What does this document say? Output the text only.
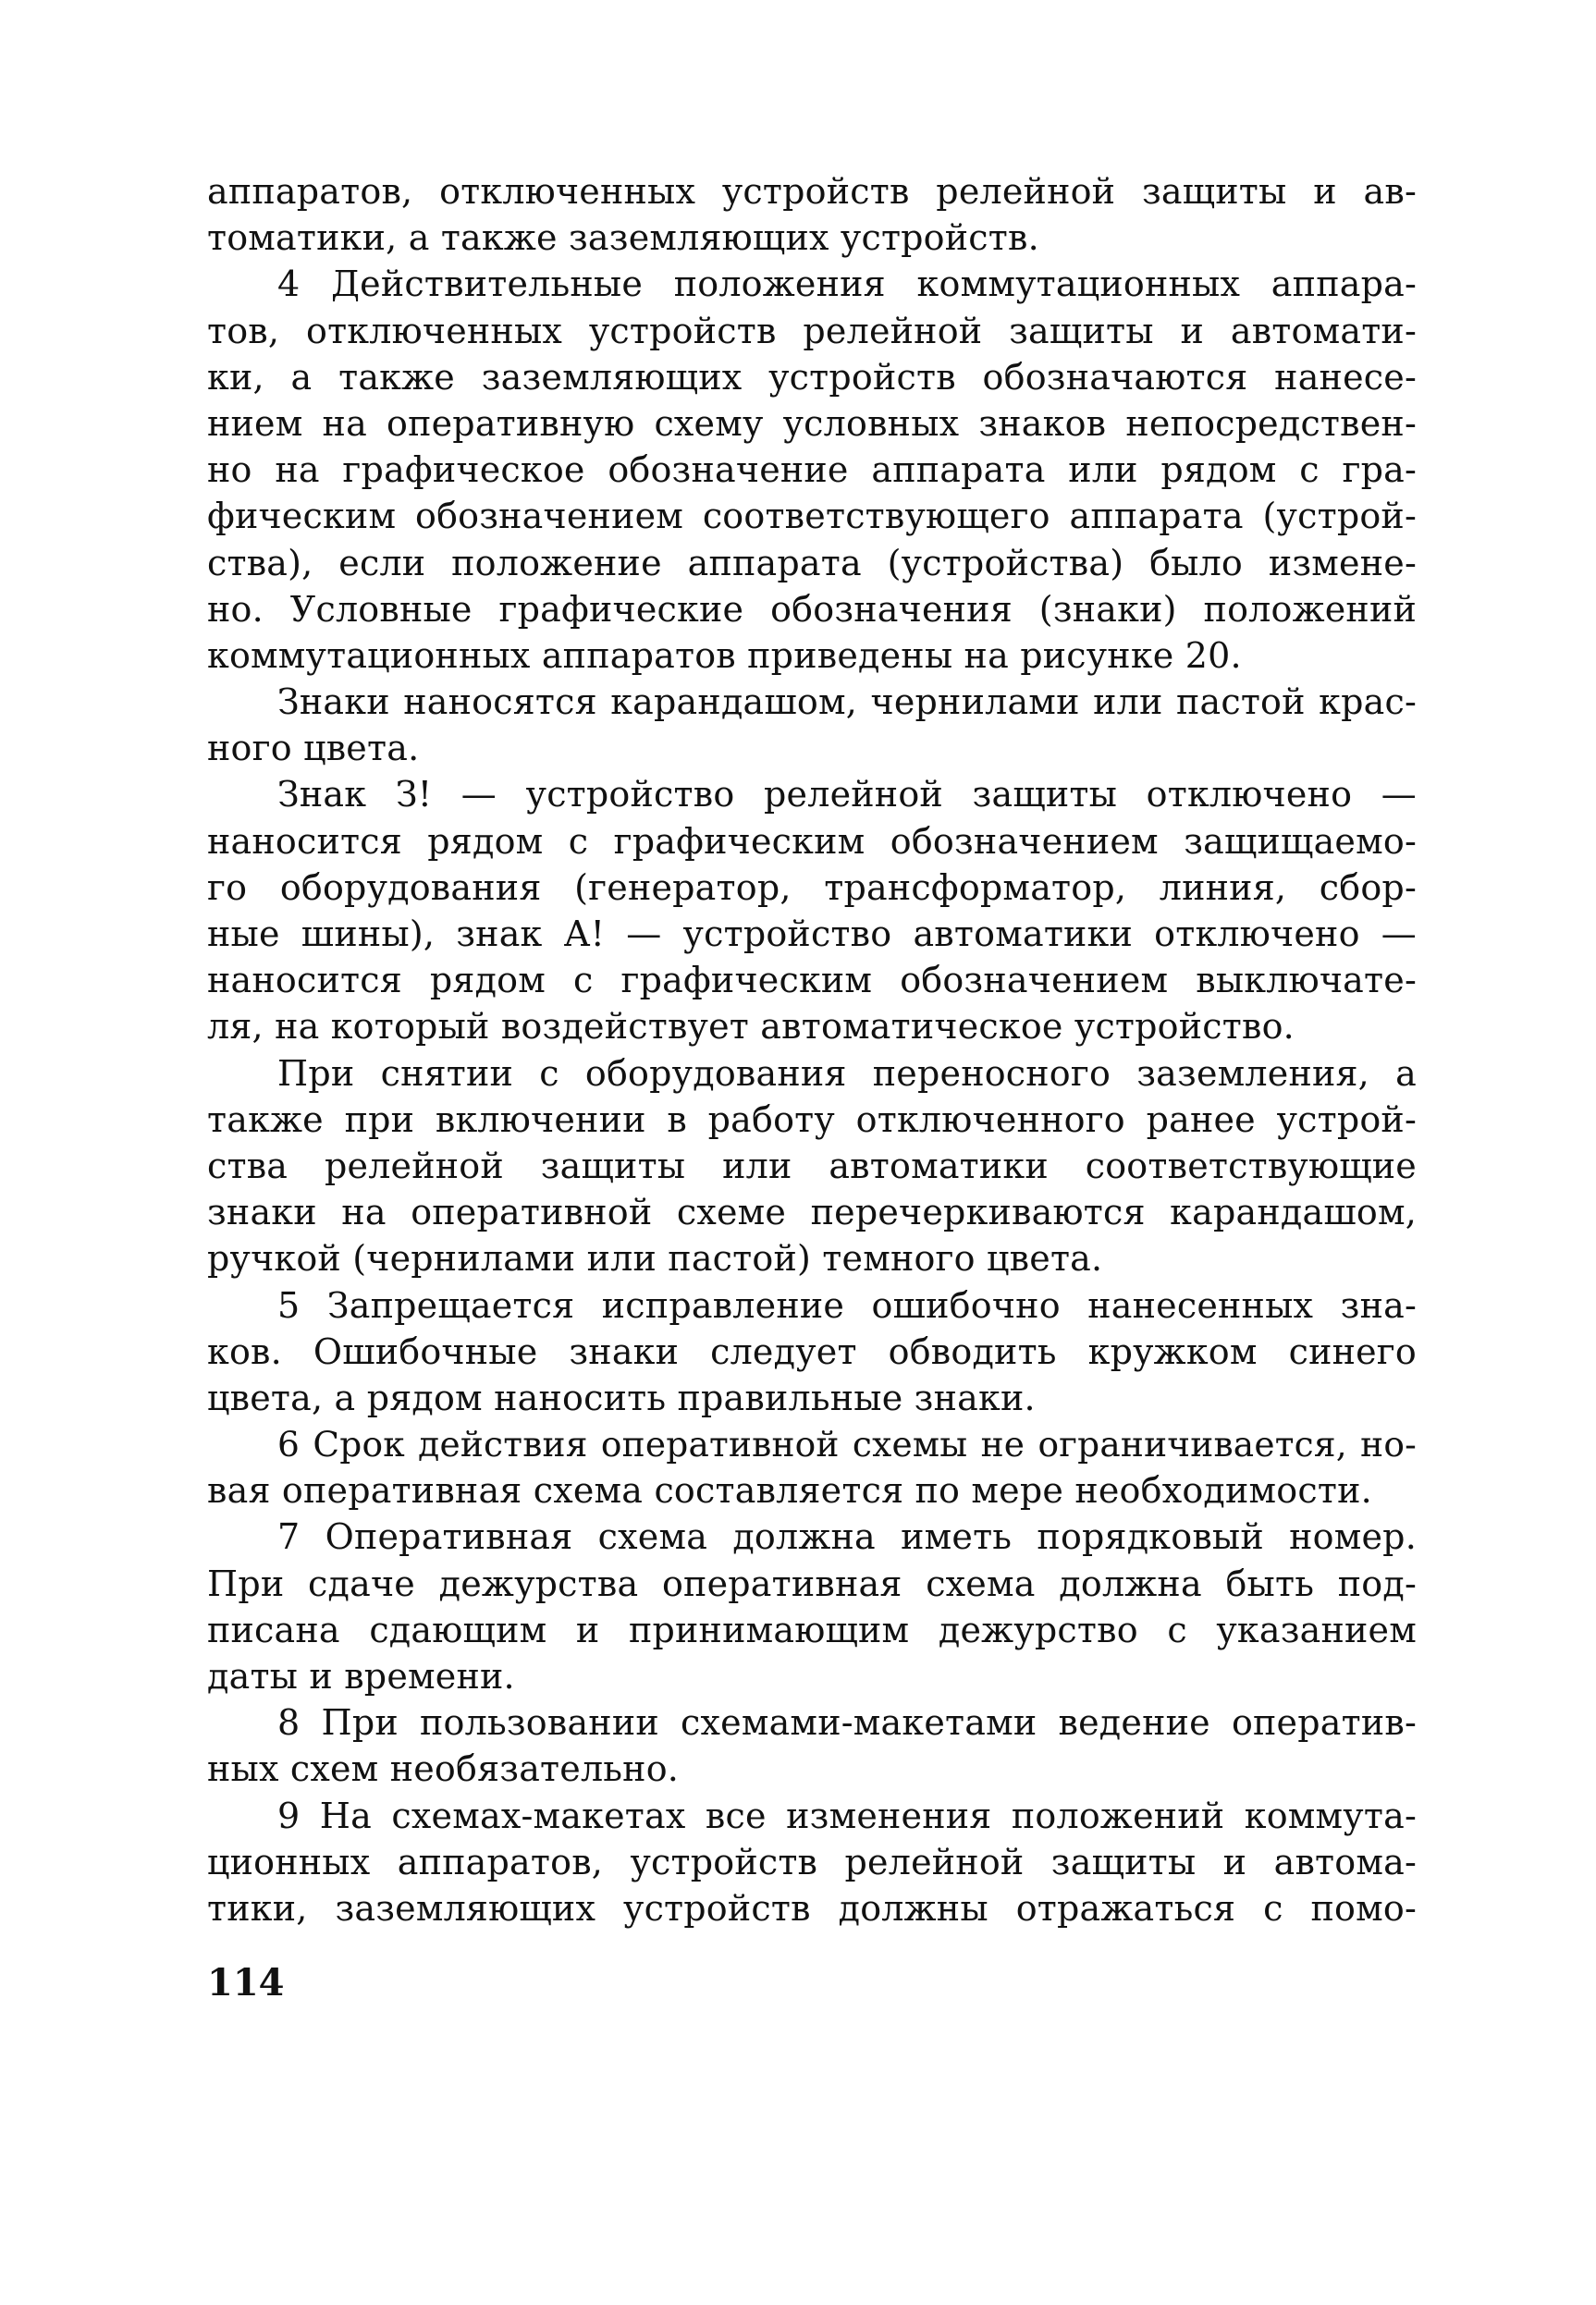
аппаратов, отключенных устройств релейной защиты и ав-
томатики, а также заземляющих устройств.
4 Действительные положения коммутационных аппара-
тов, отключенных устройств релейной защиты и автомати-
ки, а также заземляющих устройств обозначаются нанесе-
нием на оперативную схему условных знаков непосредствен-
но на графическое обозначение аппарата или рядом с гра-
фическим обозначением соответствующего аппарата (устрой-
ства), если положение аппарата (устройства) было измене-
но. Условные графические обозначения (знаки) положений
коммутационных аппаратов приведены на рисунке 20.
Знаки наносятся карандашом, чернилами или пастой крас-
ного цвета.
Знак З! — устройство релейной защиты отключено —
наносится рядом с графическим обозначением защищаемо-
го оборудования (генератор, трансформатор, линия, сбор-
ные шины), знак А! — устройство автоматики отключено —
наносится рядом с графическим обозначением выключате-
ля, на который воздействует автоматическое устройство.
При снятии с оборудования переносного заземления, а
также при включении в работу отключенного ранее устрой-
ства релейной защиты или автоматики соответствующие
знаки на оперативной схеме перечеркиваются карандашом,
ручкой (чернилами или пастой) темного цвета.
5 Запрещается исправление ошибочно нанесенных зна-
ков. Ошибочные знаки следует обводить кружком синего
цвета, а рядом наносить правильные знаки.
6 Срок действия оперативной схемы не ограничивается, но-
вая оперативная схема составляется по мере необходимости.
7 Оперативная схема должна иметь порядковый номер.
При сдаче дежурства оперативная схема должна быть под-
писана сдающим и принимающим дежурство с указанием
даты и времени.
8 При пользовании схемами-макетами ведение оператив-
ных схем необязательно.
9 На схемах-макетах все изменения положений коммута-
ционных аппаратов, устройств релейной защиты и автома-
тики, заземляющих устройств должны отражаться с помо-
114
